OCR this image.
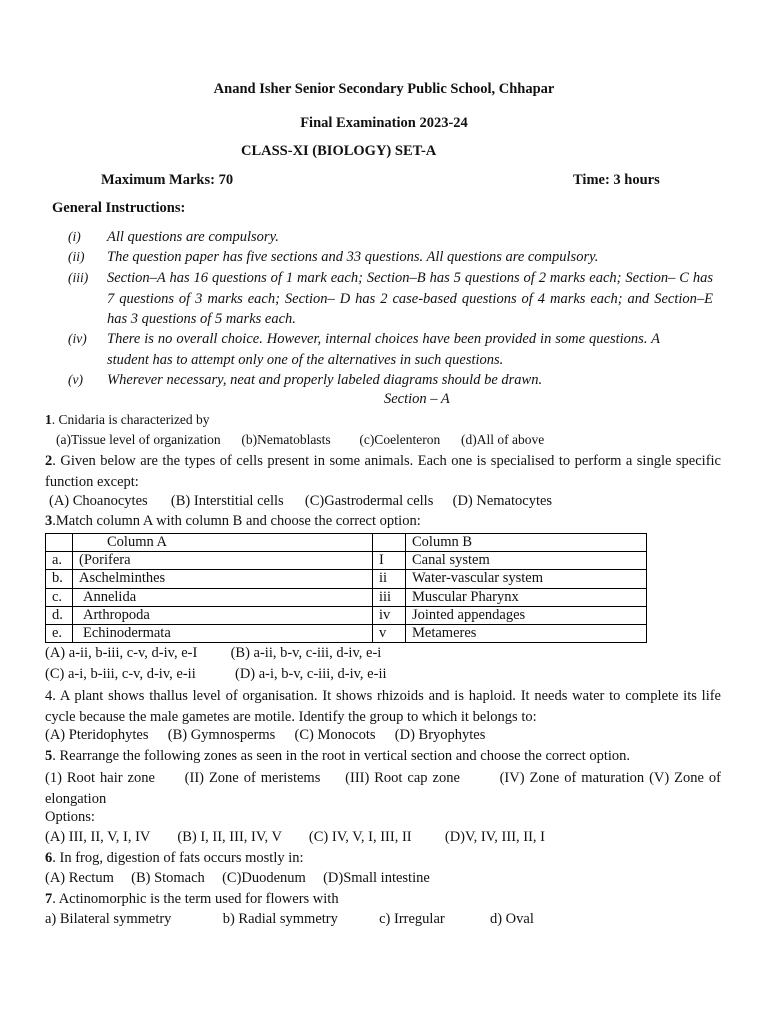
Anand Isher Senior Secondary Public School, Chhapar
Final Examination 2023-24
CLASS-XI (BIOLOGY) SET-A
Maximum Marks: 70	Time: 3 hours
General Instructions:
(i) All questions are compulsory.
(ii) The question paper has five sections and 33 questions. All questions are compulsory.
(iii) Section–A has 16 questions of 1 mark each; Section–B has 5 questions of 2 marks each; Section– C has 7 questions of 3 marks each; Section– D has 2 case-based questions of 4 marks each; and Section–E has 3 questions of 5 marks each.
(iv) There is no overall choice. However, internal choices have been provided in some questions. A student has to attempt only one of the alternatives in such questions.
(v) Wherever necessary, neat and properly labeled diagrams should be drawn.
Section – A
1. Cnidaria is characterized by
(a)Tissue level of organization (b)Nematoblasts (c)Coelenteron (d)All of above
2. Given below are the types of cells present in some animals. Each one is specialised to perform a single specific function except:
(A) Choanocytes (B) Interstitial cells (C)Gastrodermal cells (D) Nematocytes
3.Match column A with column B and choose the correct option:
	Column A		Column B
a.	(Porifera	I	Canal system
b.	Aschelminthes	ii	Water-vascular system
c.	Annelida	iii	Muscular Pharynx
d.	Arthropoda	iv	Jointed appendages
e.	Echinodermata	v	Metameres
(A) a-ii, b-iii, c-v, d-iv, e-I (B) a-ii, b-v, c-iii, d-iv, e-i
(C) a-i, b-iii, c-v, d-iv, e-ii	(D) a-i, b-v, c-iii, d-iv, e-ii
4. A plant shows thallus level of organisation. It shows rhizoids and is haploid. It needs water to complete its life cycle because the male gametes are motile. Identify the group to which it belongs to:
(A) Pteridophytes (B) Gymnosperms (C) Monocots (D) Bryophytes
5. Rearrange the following zones as seen in the root in vertical section and choose the correct option.
(1) Root hair zone      (II) Zone of meristems     (III) Root cap zone        (IV) Zone of maturation (V) Zone of elongation
Options:
(A) III, II, V, I, IV (B) I, II, III, IV, V (C) IV, V, I, III, II (D)V, IV, III, II, I
6. In frog, digestion of fats occurs mostly in:
(A) Rectum (B) Stomach (C)Duodenum (D)Small intestine
7. Actinomorphic is the term used for flowers with
a) Bilateral symmetry	b) Radial symmetry	c) Irregular	d) Oval
